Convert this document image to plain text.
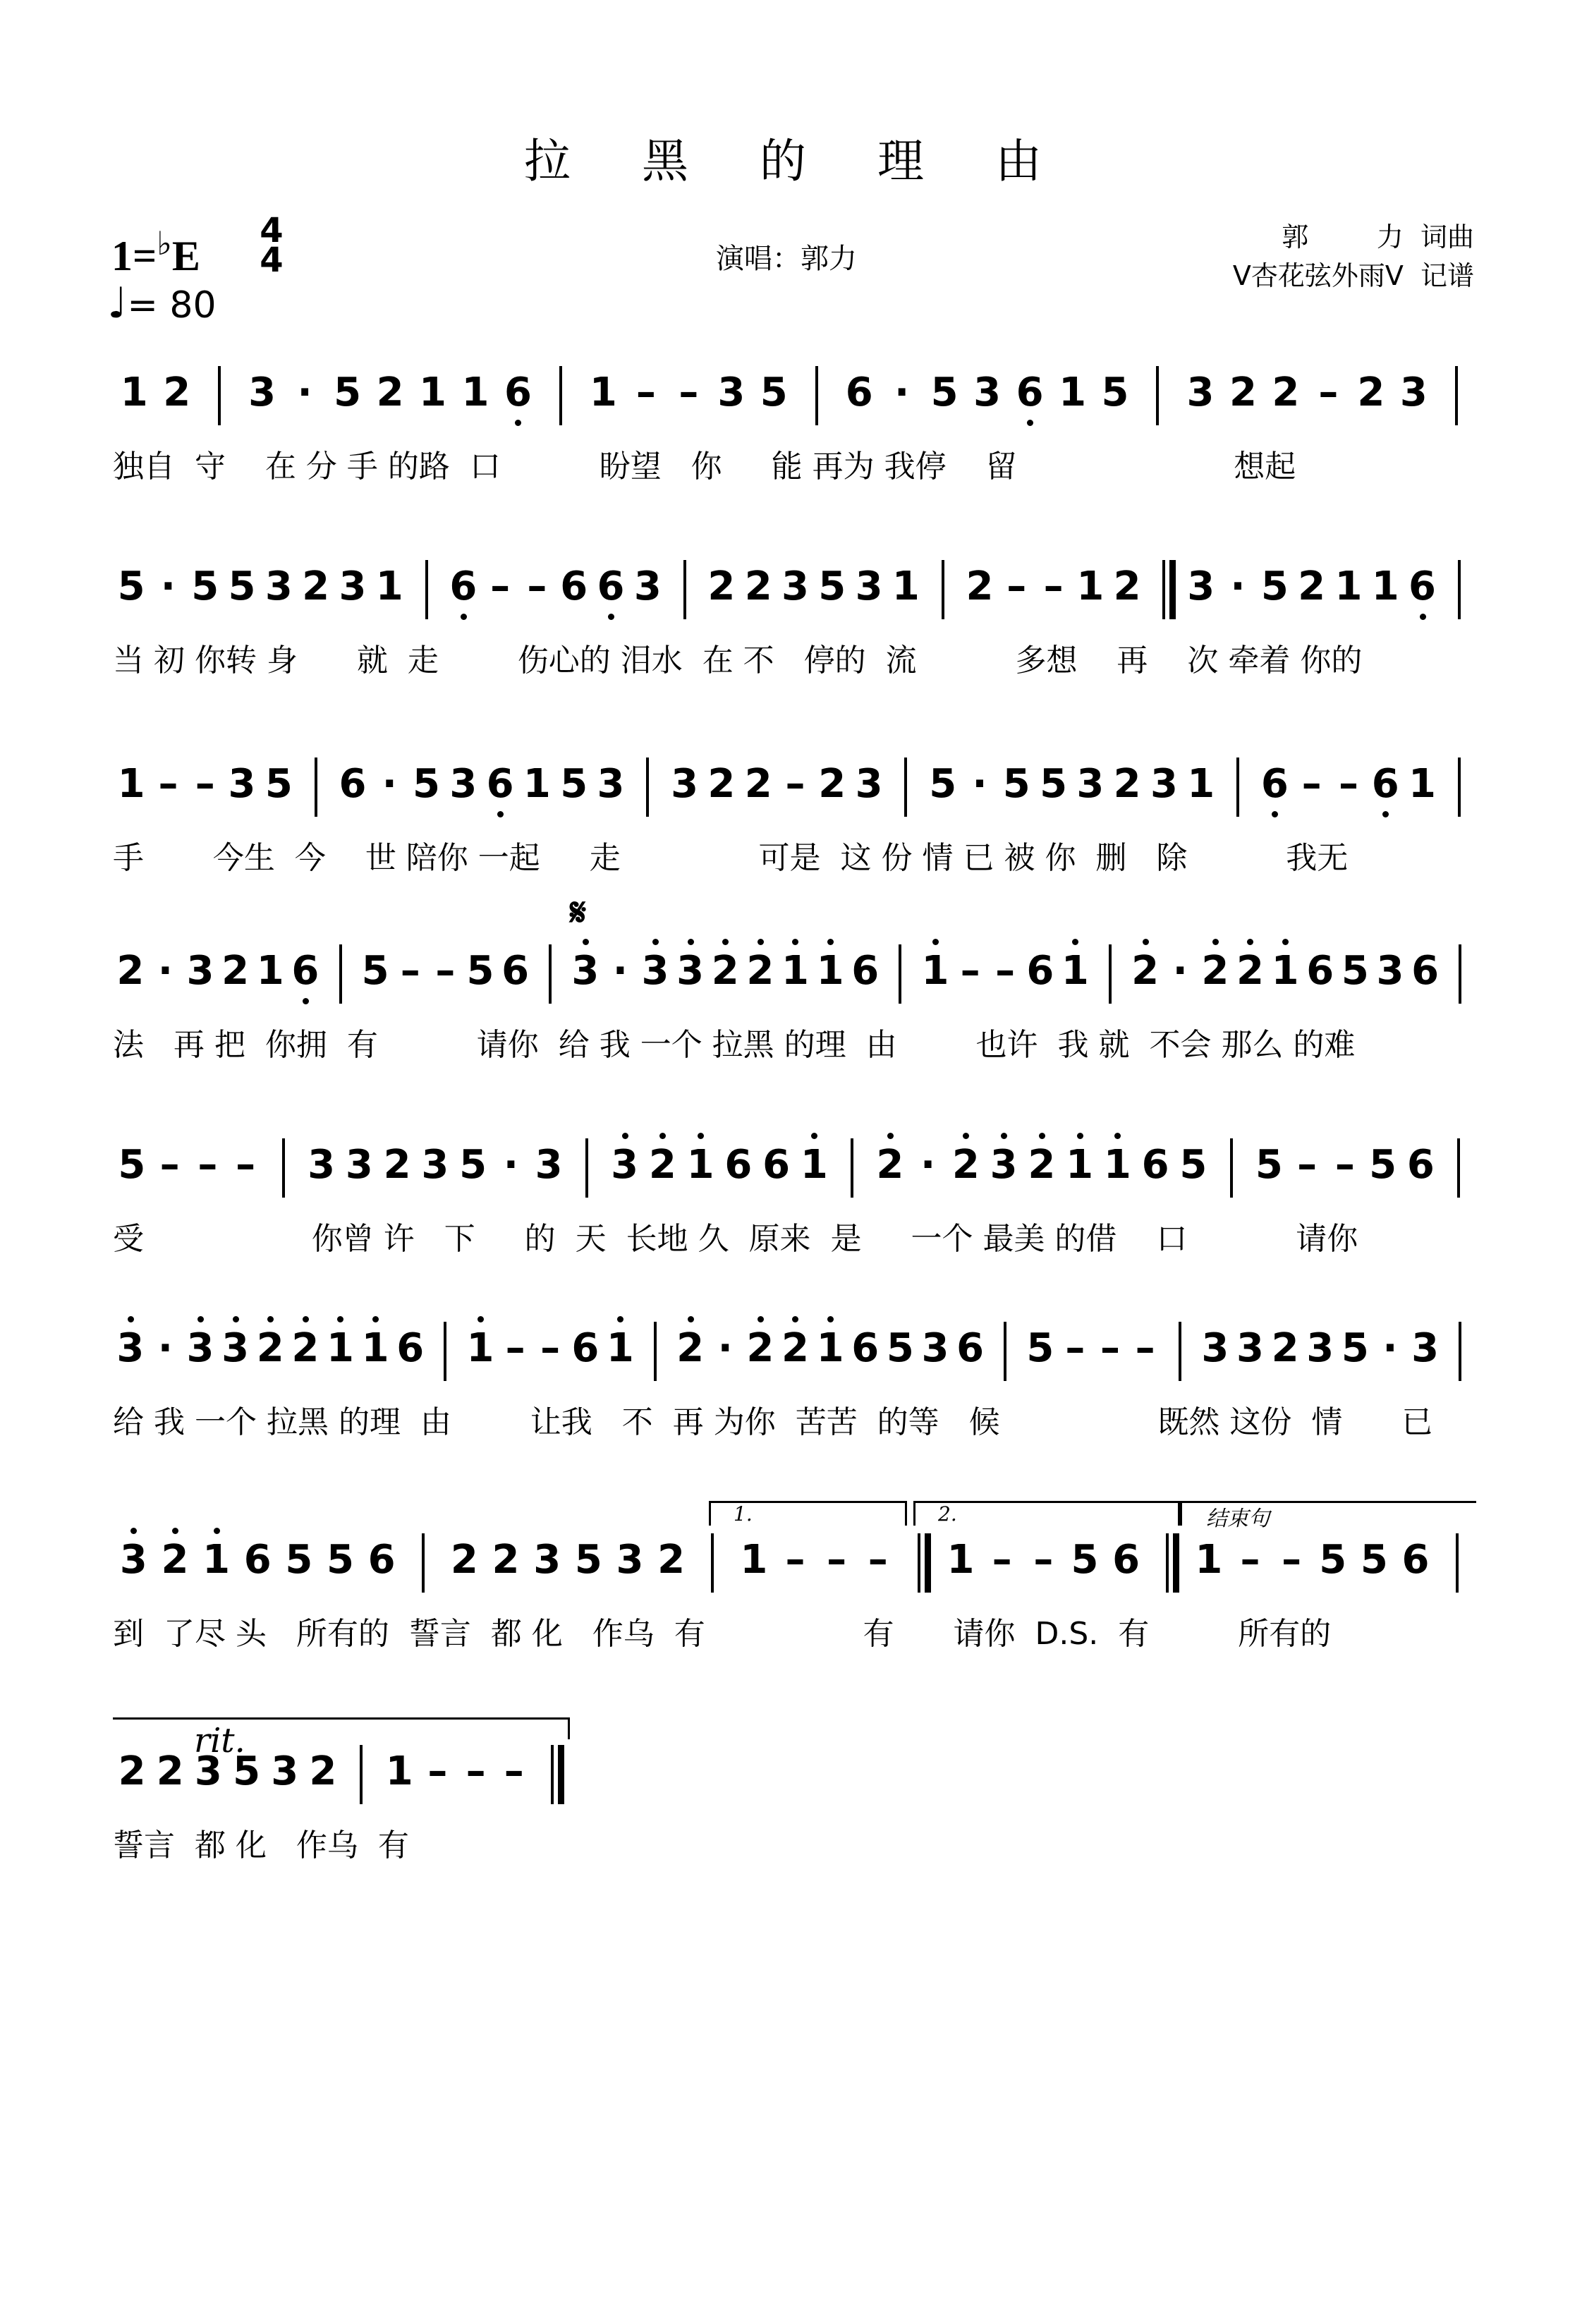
拉 黑 的 理 由
1=♭E
4
4
♩= 80
演唱：郭力
郭        力  词曲
V杏花弦外雨V  记谱
1 2 3 · 5 2 1 1 6 1 – – 3 5 6 · 5 3 6 1 5 3 2 2 – 2 3
独自  守    在 分 手 的路  口          盼望   你     能 再为 我停    留                      想起
5 · 5 5 3 2 3 1 6 – – 6 6 3 2 2 3 5 3 1 2 – – 1 2 3 · 5 2 1 1 6
当 初 你转 身      就  走        伤心的 泪水  在 不   停的  流          多想    再    次 牵着 你的
1 – – 3 5 6 · 5 3 6 1 5 3 3 2 2 – 2 3 5 · 5 5 3 2 3 1 6 – – 6 1
手       今生  今    世 陪你 一起     走              可是  这 份 情 已 被 你  删   除          我无
2 · 3 2 1 6 5 – – 5 6 3 · 3 3 2 2 1 1 6 1 – – 6 1 2 · 2 2 1 6 5 3 6
法   再 把  你拥  有          请你  给 我 一个 拉黑 的理  由        也许  我 就  不会 那么 的难
5 – – – 3 3 2 3 5 · 3 3 2 1 6 6 1 2 · 2 3 2 1 1 6 5 5 – – 5 6
受                 你曾 许   下     的  天  长地 久  原来  是     一个 最美 的借    口           请你
3 · 3 3 2 2 1 1 6 1 – – 6 1 2 · 2 2 1 6 5 3 6 5 – – – 3 3 2 3 5 · 3
给 我 一个 拉黑 的理  由        让我   不  再 为你  苦苦  的等   候                既然 这份  情      已
3 2 1 6 5 5 6 2 2 3 5 3 2 1 – – – 1 – – 5 6 1 – – 5 5 6
到  了尽 头   所有的  誓言  都 化   作乌  有                有      请你  D.S.  有         所有的
2 2 3 5 3 2 1 – – –
誓言  都 化   作乌  有
𝄋
1.	2.	结束句
rit.
